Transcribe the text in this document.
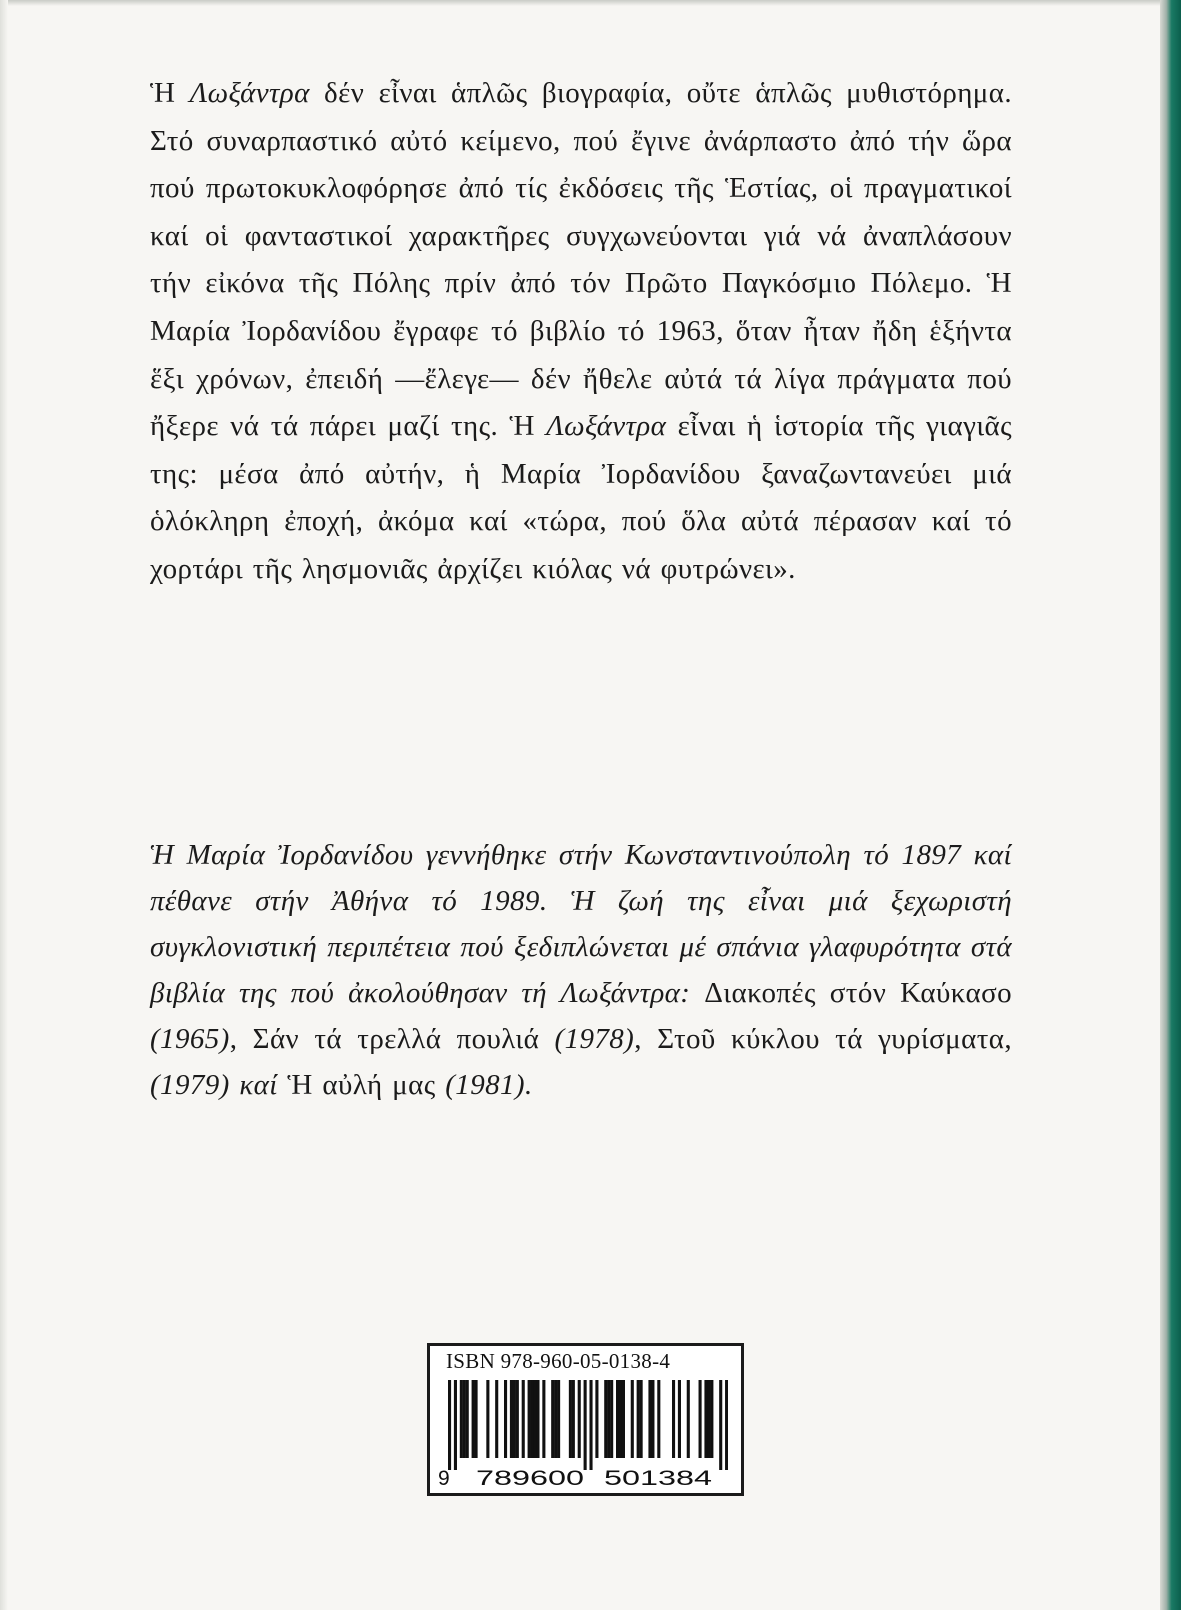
Ἡ Λωξάντρα δέν εἶναι ἁπλῶς βιογραφία, οὔτε ἁπλῶς μυθιστόρημα. Στό συναρπαστικό αὐτό κείμενο, πού ἔγινε ἀνάρπαστο ἀπό τήν ὥρα πού πρωτοκυκλοφόρησε ἀπό τίς ἐκδόσεις τῆς Ἑστίας, οἱ πραγματικοί καί οἱ φανταστικοί χαρακτῆρες συγχωνεύονται γιά νά ἀναπλάσουν τήν εἰκόνα τῆς Πόλης πρίν ἀπό τόν Πρῶτο Παγκόσμιο Πόλεμο. Ἡ Μαρία Ἰορδανίδου ἔγραφε τό βιβλίο τό 1963, ὅταν ἦταν ἤδη ἑξήντα ἕξι χρόνων, ἐπειδή —ἔλεγε— δέν ἤθελε αὐτά τά λίγα πράγματα πού ἤξερε νά τά πάρει μαζί της. Ἡ Λωξάντρα εἶναι ἡ ἱστορία τῆς γιαγιᾶς της: μέσα ἀπό αὐτήν, ἡ Μαρία Ἰορδανίδου ξαναζωντανεύει μιά ὁλόκληρη ἐποχή, ἀκόμα καί «τώρα, πού ὅλα αὐτά πέρασαν καί τό χορτάρι τῆς λησμονιᾶς ἀρχίζει κιόλας νά φυτρώνει».

Ἡ Μαρία Ἰορδανίδου γεννήθηκε στήν Κωνσταντινούπολη τό 1897 καί πέθανε στήν Ἀθήνα τό 1989. Ἡ ζωή της εἶναι μιά ξεχωριστή συγκλονιστική περιπέτεια πού ξεδιπλώνεται μέ σπάνια γλαφυρότητα στά βιβλία της πού ἀκολούθησαν τή Λωξάντρα: Διακοπές στόν Καύκασο (1965), Σάν τά τρελλά πουλιά (1978), Στοῦ κύκλου τά γυρίσματα, (1979) καί Ἡ αὐλή μας (1981).

ISBN 978-960-05-0138-4
9 789600 501384
